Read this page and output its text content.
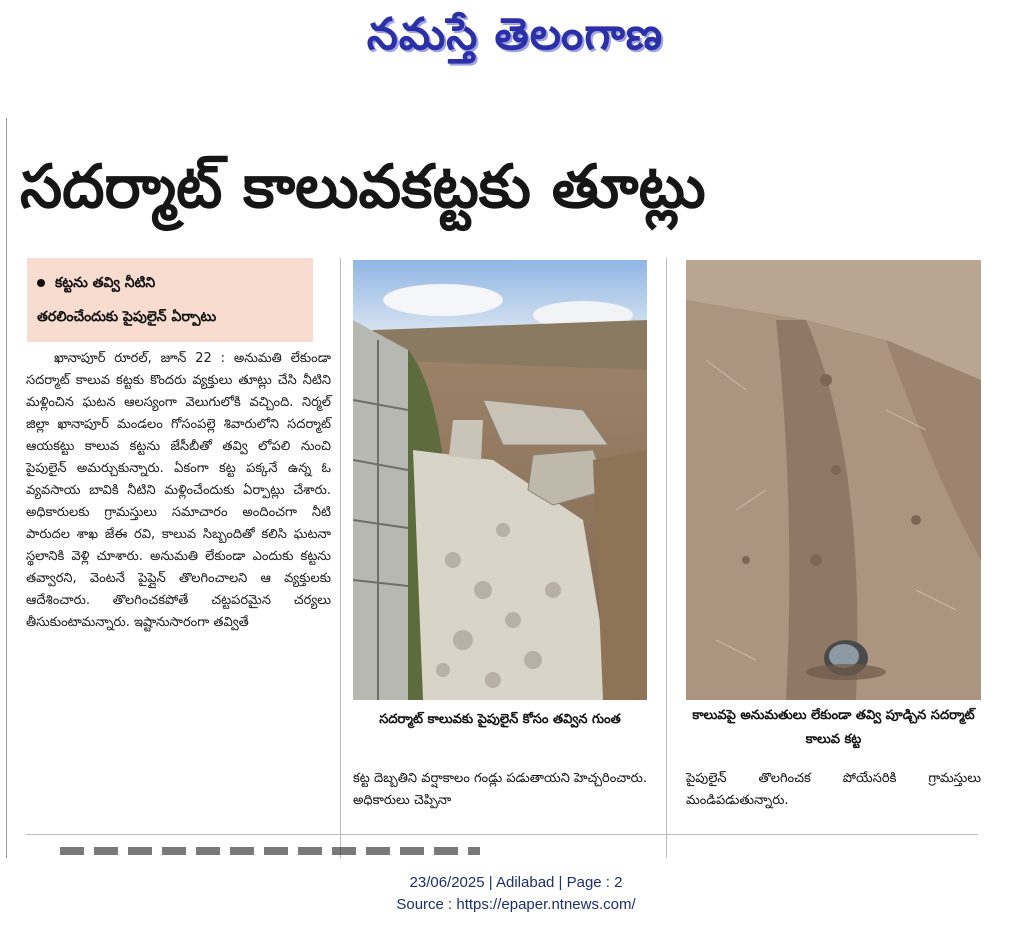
నమస్తే తెలంగాణ
సదర్మాట్ కాలువకట్టకు తూట్లు
కట్టను తవ్వి నీటిని
తరలించేందుకు పైపులైన్ ఏర్పాటు

ఖానాపూర్ రూరల్, జూన్ 22 : అనుమతి లేకుండా సదర్మాట్ కాలువ కట్టకు కొందరు వ్యక్తులు తూట్లు చేసి నీటిని మళ్లించిన ఘటన ఆలస్యంగా వెలుగులోకి వచ్చింది. నిర్మల్ జిల్లా ఖానాపూర్ మండలం గోసంపల్లె శివారులోని సదర్మాట్ ఆయకట్టు కాలువ కట్టను జేసీబీతో తవ్వి లోపలి నుంచి పైపులైన్ అమర్చుకున్నారు. ఏకంగా కట్ట పక్కనే ఉన్న ఓ వ్యవసాయ బావికి నీటిని మళ్లించేందుకు ఏర్పాట్లు చేశారు. అధికారులకు గ్రామస్తులు సమాచారం అందించగా నీటి పారుదల శాఖ జేఈ రవి, కాలువ సిబ్బందితో కలిసి ఘటనా స్థలానికి వెళ్లి చూశారు. అనుమతి లేకుండా ఎందుకు కట్టను తవ్వారని, వెంటనే పైప్లైన్ తొలగించాలని ఆ వ్యక్తులకు ఆదేశించారు. తొలగించకపోతే చట్టపరమైన చర్యలు తీసుకుంటామన్నారు. ఇష్టానుసారంగా తవ్వితే

సదర్మాట్ కాలువకు పైపులైన్ కోసం తవ్విన గుంత	కాలువపై అనుమతులు లేకుండా తవ్వి పూడ్చిన సదర్మాట్ కాలువ కట్ట
కట్ట దెబ్బతిని వర్షాకాలం గండ్లు పడుతాయని హెచ్చరించారు. అధికారులు చెప్పినా
పైపులైన్ తొలగించక పోయేసరికి గ్రామస్తులు మండిపడుతున్నారు.
23/06/2025 | Adilabad | Page : 2
Source : https://epaper.ntnews.com/
